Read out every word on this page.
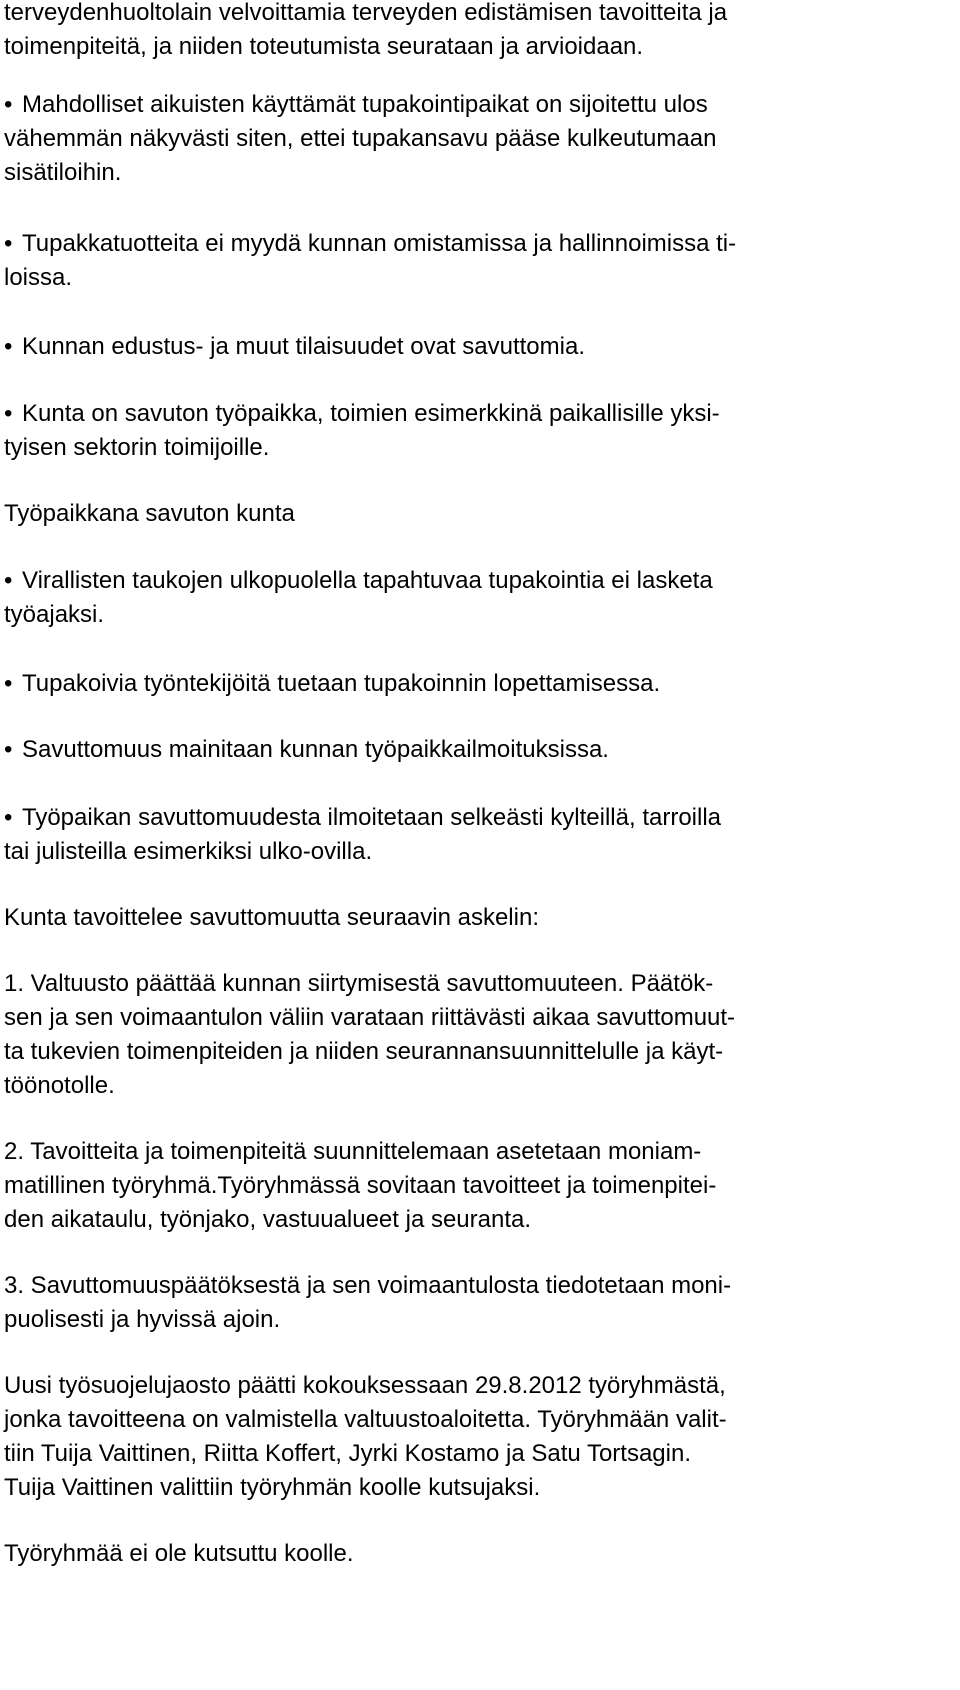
terveydenhuoltolain velvoittamia terveyden edistämisen tavoitteita ja
toimenpiteitä, ja niiden toteutumista seurataan ja arvioidaan.
• Mahdolliset aikuisten käyttämät tupakointipaikat on sijoitettu ulos
vähemmän näkyvästi siten, ettei tupakansavu pääse kulkeutumaan
sisätiloihin.
• Tupakkatuotteita ei myydä kunnan omistamissa ja hallinnoimissa ti-
loissa.
• Kunnan edustus- ja muut tilaisuudet ovat savuttomia.
• Kunta on savuton työpaikka, toimien esimerkkinä paikallisille yksi-
tyisen sektorin toimijoille.
Työpaikkana savuton kunta
• Virallisten taukojen ulkopuolella tapahtuvaa tupakointia ei lasketa
työajaksi.
• Tupakoivia työntekijöitä tuetaan tupakoinnin lopettamisessa.
• Savuttomuus mainitaan kunnan työpaikkailmoituksissa.
• Työpaikan savuttomuudesta ilmoitetaan selkeästi kylteillä, tarroilla
tai julisteilla esimerkiksi ulko-ovilla.
Kunta tavoittelee savuttomuutta seuraavin askelin:
1. Valtuusto päättää kunnan siirtymisestä savuttomuuteen. Päätök-
sen ja sen voimaantulon väliin varataan riittävästi aikaa savuttomuut-
ta tukevien toimenpiteiden ja niiden seurannansuunnittelulle ja käyt-
töönotolle.
2. Tavoitteita ja toimenpiteitä suunnittelemaan asetetaan moniam-
matillinen työryhmä.Työryhmässä sovitaan tavoitteet ja toimenpitei-
den aikataulu, työnjako, vastuualueet ja seuranta.
3. Savuttomuuspäätöksestä ja sen voimaantulosta tiedotetaan moni-
puolisesti ja hyvissä ajoin.
Uusi työsuojelujaosto päätti kokouksessaan 29.8.2012 työryhmästä,
jonka tavoitteena on valmistella valtuustoaloitetta. Työryhmään valit-
tiin Tuija Vaittinen, Riitta Koffert, Jyrki Kostamo ja Satu Tortsagin.
Tuija Vaittinen valittiin työryhmän koolle kutsujaksi.
Työryhmää ei ole kutsuttu koolle.
